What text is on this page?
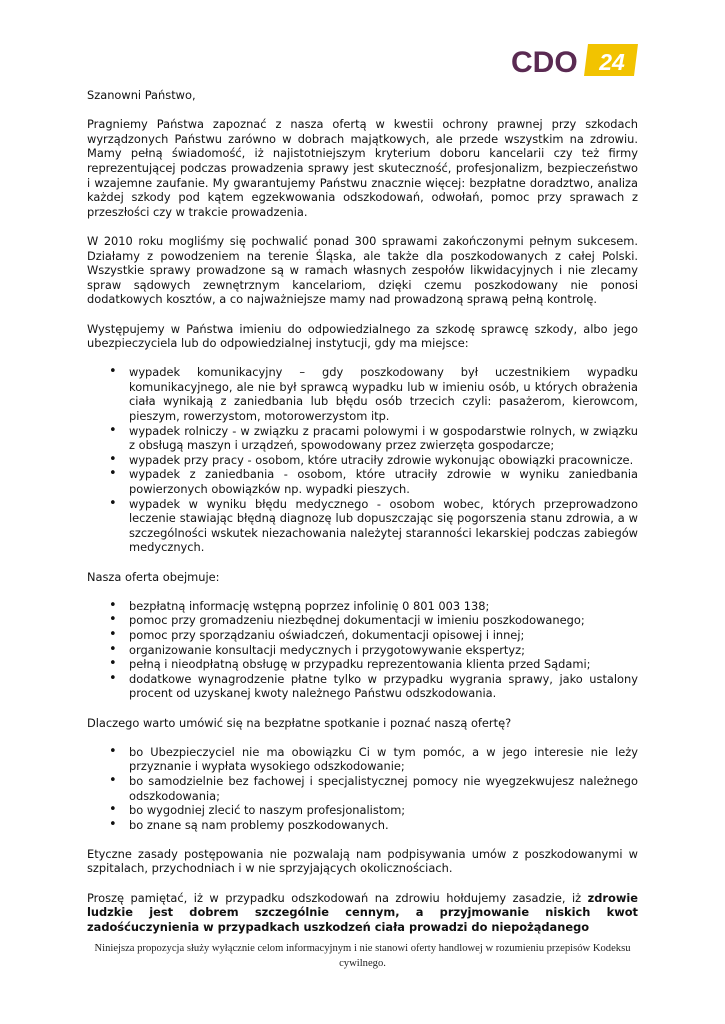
24
CDO

Szanowni Państwo,

Pragniemy Państwa zapoznać z nasza ofertą w kwestii ochrony prawnej przy szkodach wyrządzonych Państwu zarówno w dobrach majątkowych, ale przede wszystkim na zdrowiu. Mamy pełną świadomość, iż najistotniejszym kryterium doboru kancelarii czy też firmy reprezentującej podczas prowadzenia sprawy jest skuteczność, profesjonalizm, bezpieczeństwo i wzajemne zaufanie. My gwarantujemy Państwu znacznie więcej: bezpłatne doradztwo, analiza każdej szkody pod kątem egzekwowania odszkodowań, odwołań, pomoc przy sprawach z przeszłości czy w trakcie prowadzenia.

W 2010 roku mogliśmy się pochwalić ponad 300 sprawami zakończonymi pełnym sukcesem. Działamy z powodzeniem na terenie Śląska, ale także dla poszkodowanych z całej Polski. Wszystkie sprawy prowadzone są w ramach własnych zespołów likwidacyjnych i nie zlecamy spraw sądowych zewnętrznym kancelariom, dzięki czemu poszkodowany nie ponosi dodatkowych kosztów, a co najważniejsze mamy nad prowadzoną sprawą pełną kontrolę.

Występujemy w Państwa imieniu do odpowiedzialnego za szkodę sprawcę szkody, albo jego ubezpieczyciela lub do odpowiedzialnej instytucji, gdy ma miejsce:

• wypadek komunikacyjny – gdy poszkodowany był uczestnikiem wypadku komunikacyjnego, ale nie był sprawcą wypadku lub w imieniu osób, u których obrażenia ciała wynikają z zaniedbania lub błędu osób trzecich czyli: pasażerom, kierowcom, pieszym, rowerzystom, motorowerzystom itp.
• wypadek rolniczy - w związku z pracami polowymi i w gospodarstwie rolnych, w związku z obsługą maszyn i urządzeń, spowodowany przez zwierzęta gospodarcze;
• wypadek przy pracy - osobom, które utraciły zdrowie wykonując obowiązki pracownicze.
• wypadek z zaniedbania - osobom, które utraciły zdrowie w wyniku zaniedbania powierzonych obowiązków np. wypadki pieszych.
• wypadek w wyniku błędu medycznego - osobom wobec, których przeprowadzono leczenie stawiając błędną diagnozę lub dopuszczając się pogorszenia stanu zdrowia, a w szczególności wskutek niezachowania należytej staranności lekarskiej podczas zabiegów medycznych.

Nasza oferta obejmuje:

• bezpłatną informację wstępną poprzez infolinię 0 801 003 138;
• pomoc przy gromadzeniu niezbędnej dokumentacji w imieniu poszkodowanego;
• pomoc przy sporządzaniu oświadczeń, dokumentacji opisowej i innej;
• organizowanie konsultacji medycznych i przygotowywanie ekspertyz;
• pełną i nieodpłatną obsługę w przypadku reprezentowania klienta przed Sądami;
• dodatkowe wynagrodzenie płatne tylko w przypadku wygrania sprawy, jako ustalony procent od uzyskanej kwoty należnego Państwu odszkodowania.

Dlaczego warto umówić się na bezpłatne spotkanie i poznać naszą ofertę?

• bo Ubezpieczyciel nie ma obowiązku Ci w tym pomóc, a w jego interesie nie leży przyznanie i wypłata wysokiego odszkodowanie;
• bo samodzielnie bez fachowej i specjalistycznej pomocy nie wyegzekwujesz należnego odszkodowania;
• bo wygodniej zlecić to naszym profesjonalistom;
• bo znane są nam problemy poszkodowanych.

Etyczne zasady postępowania nie pozwalają nam podpisywania umów z poszkodowanymi w szpitalach, przychodniach i w nie sprzyjających okolicznościach.

Proszę pamiętać, iż w przypadku odszkodowań na zdrowiu hołdujemy zasadzie, iż zdrowie ludzkie jest dobrem szczególnie cennym, a przyjmowanie niskich kwot zadośćuczynienia w przypadkach uszkodzeń ciała prowadzi do niepożądanego

Niniejsza propozycja służy wyłącznie celom informacyjnym i nie stanowi oferty handlowej w rozumieniu przepisów Kodeksu cywilnego.
